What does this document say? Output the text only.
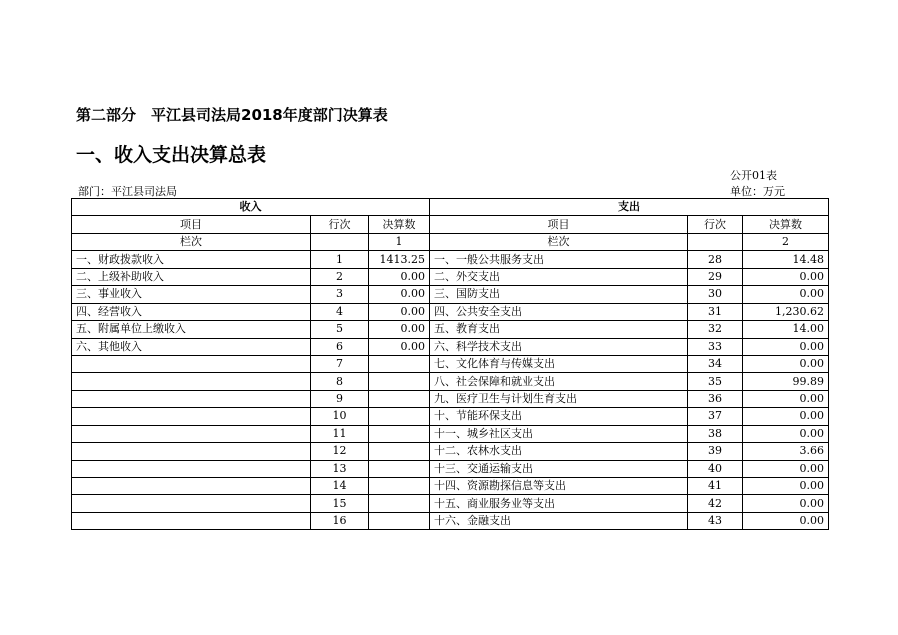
第二部分　平江县司法局2018年度部门决算表
一、收入支出决算总表
公开01表
部门：平江县司法局	单位：万元
收入			支出		
项目	行次	决算数	项目	行次	决算数
栏次		1	栏次		2
一、财政拨款收入	1	1413.25	一、一般公共服务支出	28	14.48
二、上级补助收入	2	0.00	二、外交支出	29	0.00
三、事业收入	3	0.00	三、国防支出	30	0.00
四、经营收入	4	0.00	四、公共安全支出	31	1,230.62
五、附属单位上缴收入	5	0.00	五、教育支出	32	14.00
六、其他收入	6	0.00	六、科学技术支出	33	0.00
	7		七、文化体育与传媒支出	34	0.00
	8		八、社会保障和就业支出	35	99.89
	9		九、医疗卫生与计划生育支出	36	0.00
	10		十、节能环保支出	37	0.00
	11		十一、城乡社区支出	38	0.00
	12		十二、农林水支出	39	3.66
	13		十三、交通运输支出	40	0.00
	14		十四、资源勘探信息等支出	41	0.00
	15		十五、商业服务业等支出	42	0.00
	16		十六、金融支出	43	0.00
